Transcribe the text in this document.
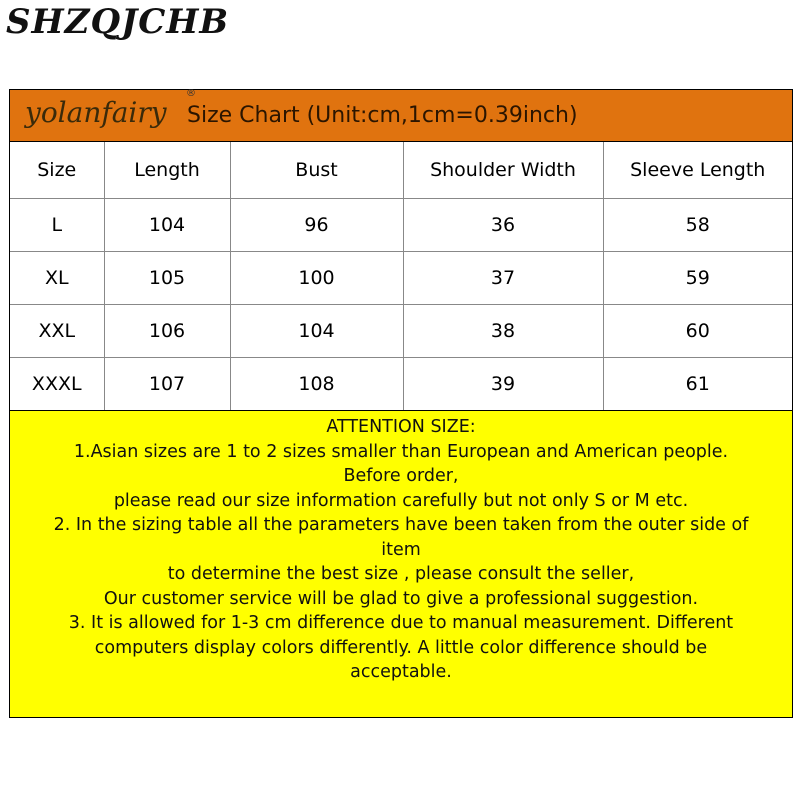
SHZQJCHB
yolanfairy
®
Size Chart (Unit:cm,1cm=0.39inch)
Size	Length	Bust	Shoulder Width	Sleeve Length
L	104	96	36	58
XL	105	100	37	59
XXL	106	104	38	60
XXXL	107	108	39	61
ATTENTION SIZE:
1.Asian sizes are 1 to 2 sizes smaller than European and American people.
Before order,
please read our size information carefully but not only S or M etc.
2. In the sizing table all the parameters have been taken from the outer side of
item
to determine the best size , please consult the seller,
Our customer service will be glad to give a professional suggestion.
3. It is allowed for 1-3 cm difference due to manual measurement. Different
computers display colors differently. A little color difference should be
acceptable.
